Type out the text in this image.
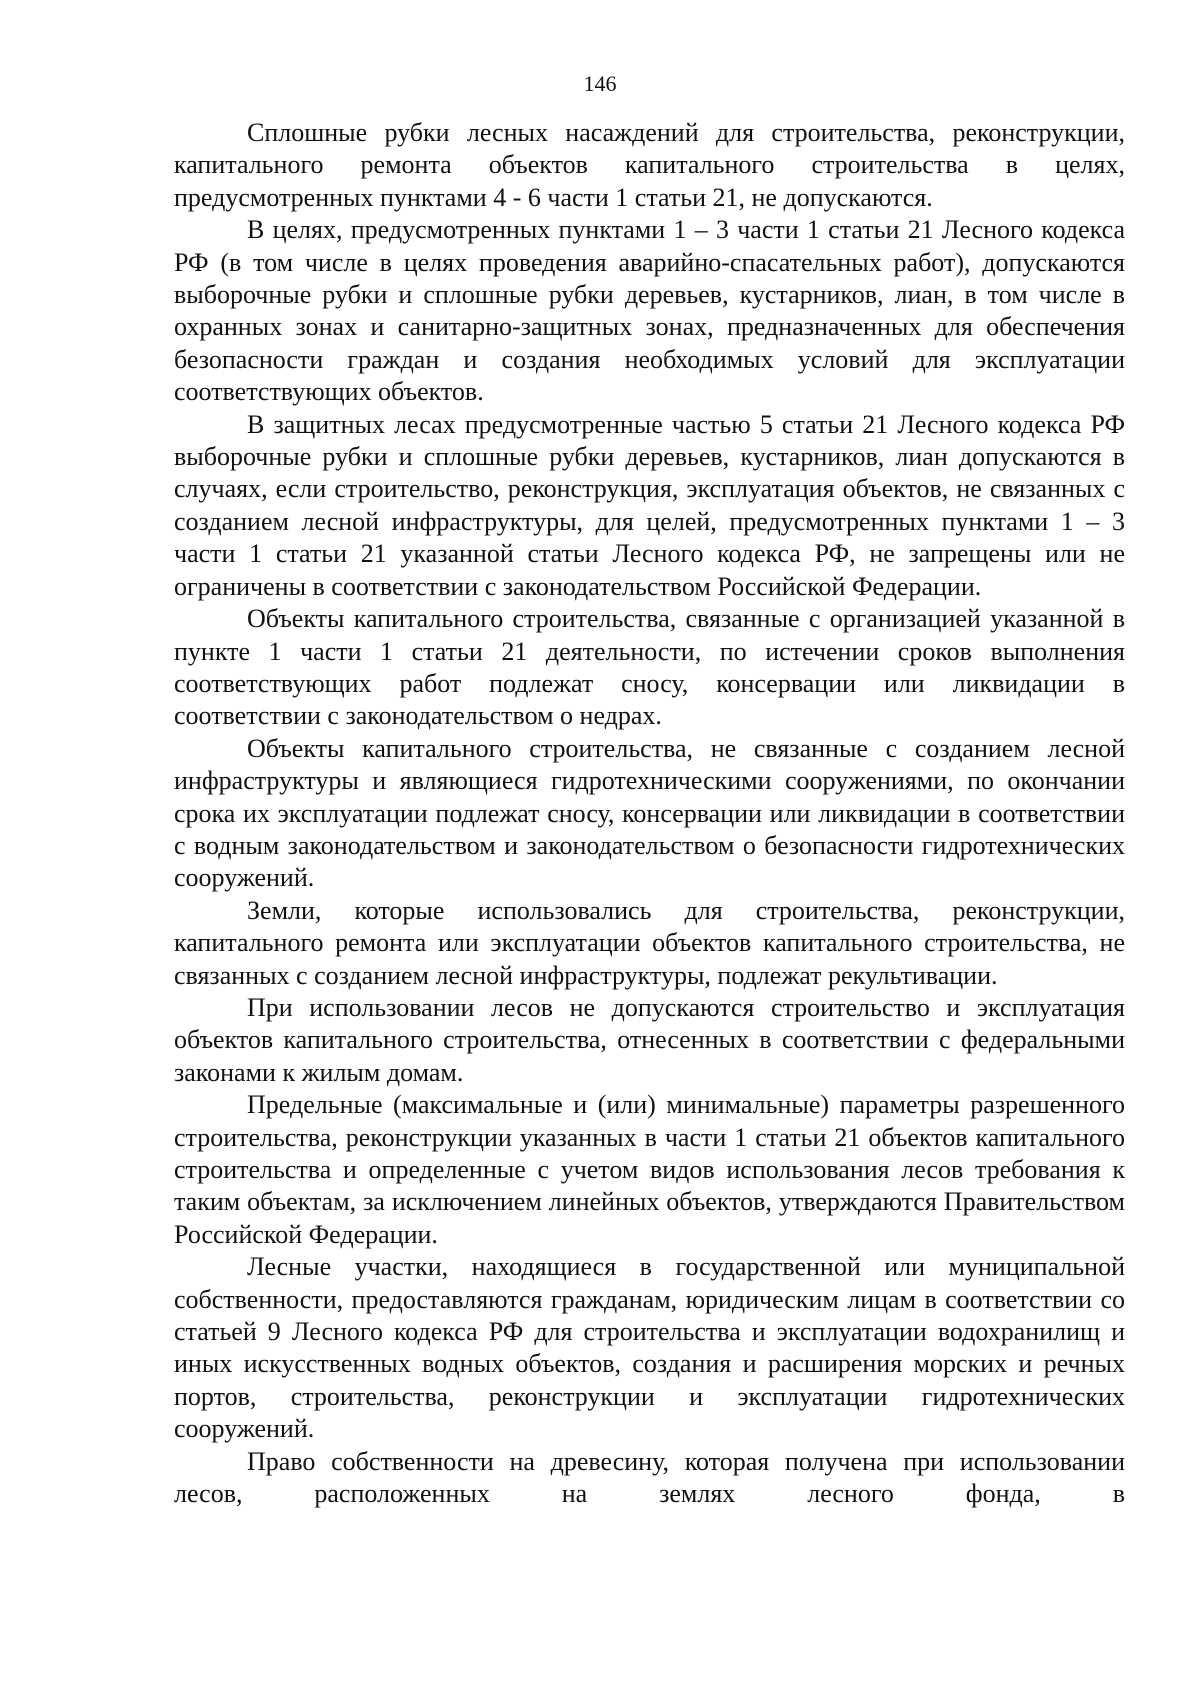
146

Сплошные рубки лесных насаждений для строительства, реконструкции, капитального ремонта объектов капитального строительства в целях, предусмотренных пунктами 4 - 6 части 1 статьи 21, не допускаются.

В целях, предусмотренных пунктами 1 – 3 части 1 статьи 21 Лесного кодекса РФ (в том числе в целях проведения аварийно-спасательных работ), допускаются выборочные рубки и сплошные рубки деревьев, кустарников, лиан, в том числе в охранных зонах и санитарно-защитных зонах, предназначенных для обеспечения безопасности граждан и создания необходимых условий для эксплуатации соответствующих объектов.

В защитных лесах предусмотренные частью 5 статьи 21 Лесного кодекса РФ выборочные рубки и сплошные рубки деревьев, кустарников, лиан допускаются в случаях, если строительство, реконструкция, эксплуатация объектов, не связанных с созданием лесной инфраструктуры, для целей, предусмотренных пунктами 1 – 3 части 1 статьи 21 указанной статьи Лесного кодекса РФ, не запрещены или не ограничены в соответствии с законодательством Российской Федерации.

Объекты капитального строительства, связанные с организацией указанной в пункте 1 части 1 статьи 21 деятельности, по истечении сроков выполнения соответствующих работ подлежат сносу, консервации или ликвидации в соответствии с законодательством о недрах.

Объекты капитального строительства, не связанные с созданием лесной инфраструктуры и являющиеся гидротехническими сооружениями, по окончании срока их эксплуатации подлежат сносу, консервации или ликвидации в соответствии с водным законодательством и законодательством о безопасности гидротехнических сооружений.

Земли, которые использовались для строительства, реконструкции, капитального ремонта или эксплуатации объектов капитального строительства, не связанных с созданием лесной инфраструктуры, подлежат рекультивации.

При использовании лесов не допускаются строительство и эксплуатация объектов капитального строительства, отнесенных в соответствии с федеральными законами к жилым домам.

Предельные (максимальные и (или) минимальные) параметры разрешенного строительства, реконструкции указанных в части 1 статьи 21 объектов капитального строительства и определенные с учетом видов использования лесов требования к таким объектам, за исключением линейных объектов, утверждаются Правительством Российской Федерации.

Лесные участки, находящиеся в государственной или муниципальной собственности, предоставляются гражданам, юридическим лицам в соответствии со статьей 9 Лесного кодекса РФ для строительства и эксплуатации водохранилищ и иных искусственных водных объектов, создания и расширения морских и речных портов, строительства, реконструкции и эксплуатации гидротехнических сооружений.

Право собственности на древесину, которая получена при использовании лесов, расположенных на землях лесного фонда, в
